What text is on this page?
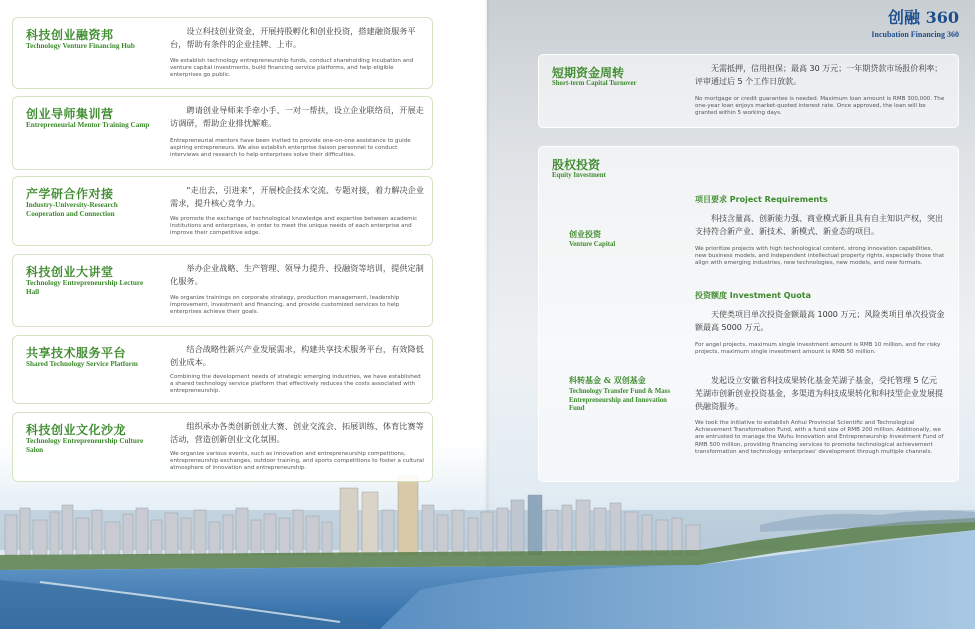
科技创业融资邦
Technology Venture Financing Hub
设立科技创业资金，开展持股孵化和创业投资，搭建融资服务平台，帮助有条件的企业挂牌、上市。
We establish technology entrepreneurship funds, conduct shareholding incubation and venture capital investments, build financing service platforms, and help eligible enterprises go public.
创业导师集训营
Entrepreneurial Mentor Training Camp
聘请创业导师来手牵小手、一对一帮扶，设立企业联络员，开展走访调研，帮助企业排忧解难。
Entrepreneurial mentors have been invited to provide one-on-one assistance to guide aspiring entrepreneurs. We also establish enterprise liaison personnel to conduct interviews and research to help enterprises solve their difficulties.
产学研合作对接
Industry-University-Research Cooperation and Connection
“走出去，引进来”，开展校企技术交流、专题对接，着力解决企业需求，提升核心竞争力。
We promote the exchange of technological knowledge and expertise between academic institutions and enterprises, in order to meet the unique needs of each enterprise and improve their competitive edge.
科技创业大讲堂
Technology Entrepreneurship Lecture Hall
举办企业战略、生产管理、领导力提升、投融资等培训，提供定制化服务。
We organize trainings on corporate strategy, production management, leadership improvement, investment and financing, and provide customized services to help enterprises achieve their goals.
共享技术服务平台
Shared Technology Service Platform
结合战略性新兴产业发展需求，构建共享技术服务平台，有效降低创业成本。
Combining the development needs of strategic emerging industries, we have established a shared technology service platform that effectively reduces the costs associated with entrepreneurship.
科技创业文化沙龙
Technology Entrepreneurship Culture Salon
组织承办各类创新创业大赛、创业交流会、拓展训练、体育比赛等活动，营造创新创业文化氛围。
We organize various events, such as innovation and entrepreneurship competitions, entrepreneurship exchanges, outdoor training, and sports competitions to foster a cultural atmosphere of innovation and entrepreneurship.
创融 360
Incubation Financing 360
短期资金周转
Short-term Capital Turnover
无需抵押，信用担保；最高 30 万元；一年期贷款市场报价利率；评审通过后 5 个工作日放款。
No mortgage or credit guarantee is needed. Maximum loan amount is RMB 300,000. The one-year loan enjoys market-quoted interest rate. Once approved, the loan will be granted within 5 working days.
股权投资
Equity Investment
创业投资
Venture Capital
项目要求 Project Requirements
科技含量高、创新能力强、商业模式新且具有自主知识产权，突出支持符合新产业、新技术、新模式、新业态的项目。
We prioritize projects with high technological content, strong innovation capabilities, new business models, and independent intellectual property rights, especially those that align with emerging industries, new technologies, new models, and new formats.
投资额度 Investment Quota
天使类项目单次投资金额最高 1000 万元；风险类项目单次投资金额最高 5000 万元。
For angel projects, maximum single investment amount is RMB 10 million, and for risky projects, maximum single investment amount is RMB 50 million.
科转基金 & 双创基金
Technology Transfer Fund & Mass Entrepreneurship and Innovation Fund
发起设立安徽省科技成果转化基金芜湖子基金，受托管理 5 亿元芜湖市创新创业投资基金，多渠道为科技成果转化和科技型企业发展提供融资服务。
We took the initiative to establish Anhui Provincial Scientific and Technological Achievement Transformation Fund, with a fund size of RMB 200 million. Additionally, we are entrusted to manage the Wuhu Innovation and Entrepreneurship Investment Fund of RMB 500 million, providing financing services to promote technological achievement transformation and technology enterprises' development through multiple channels.
